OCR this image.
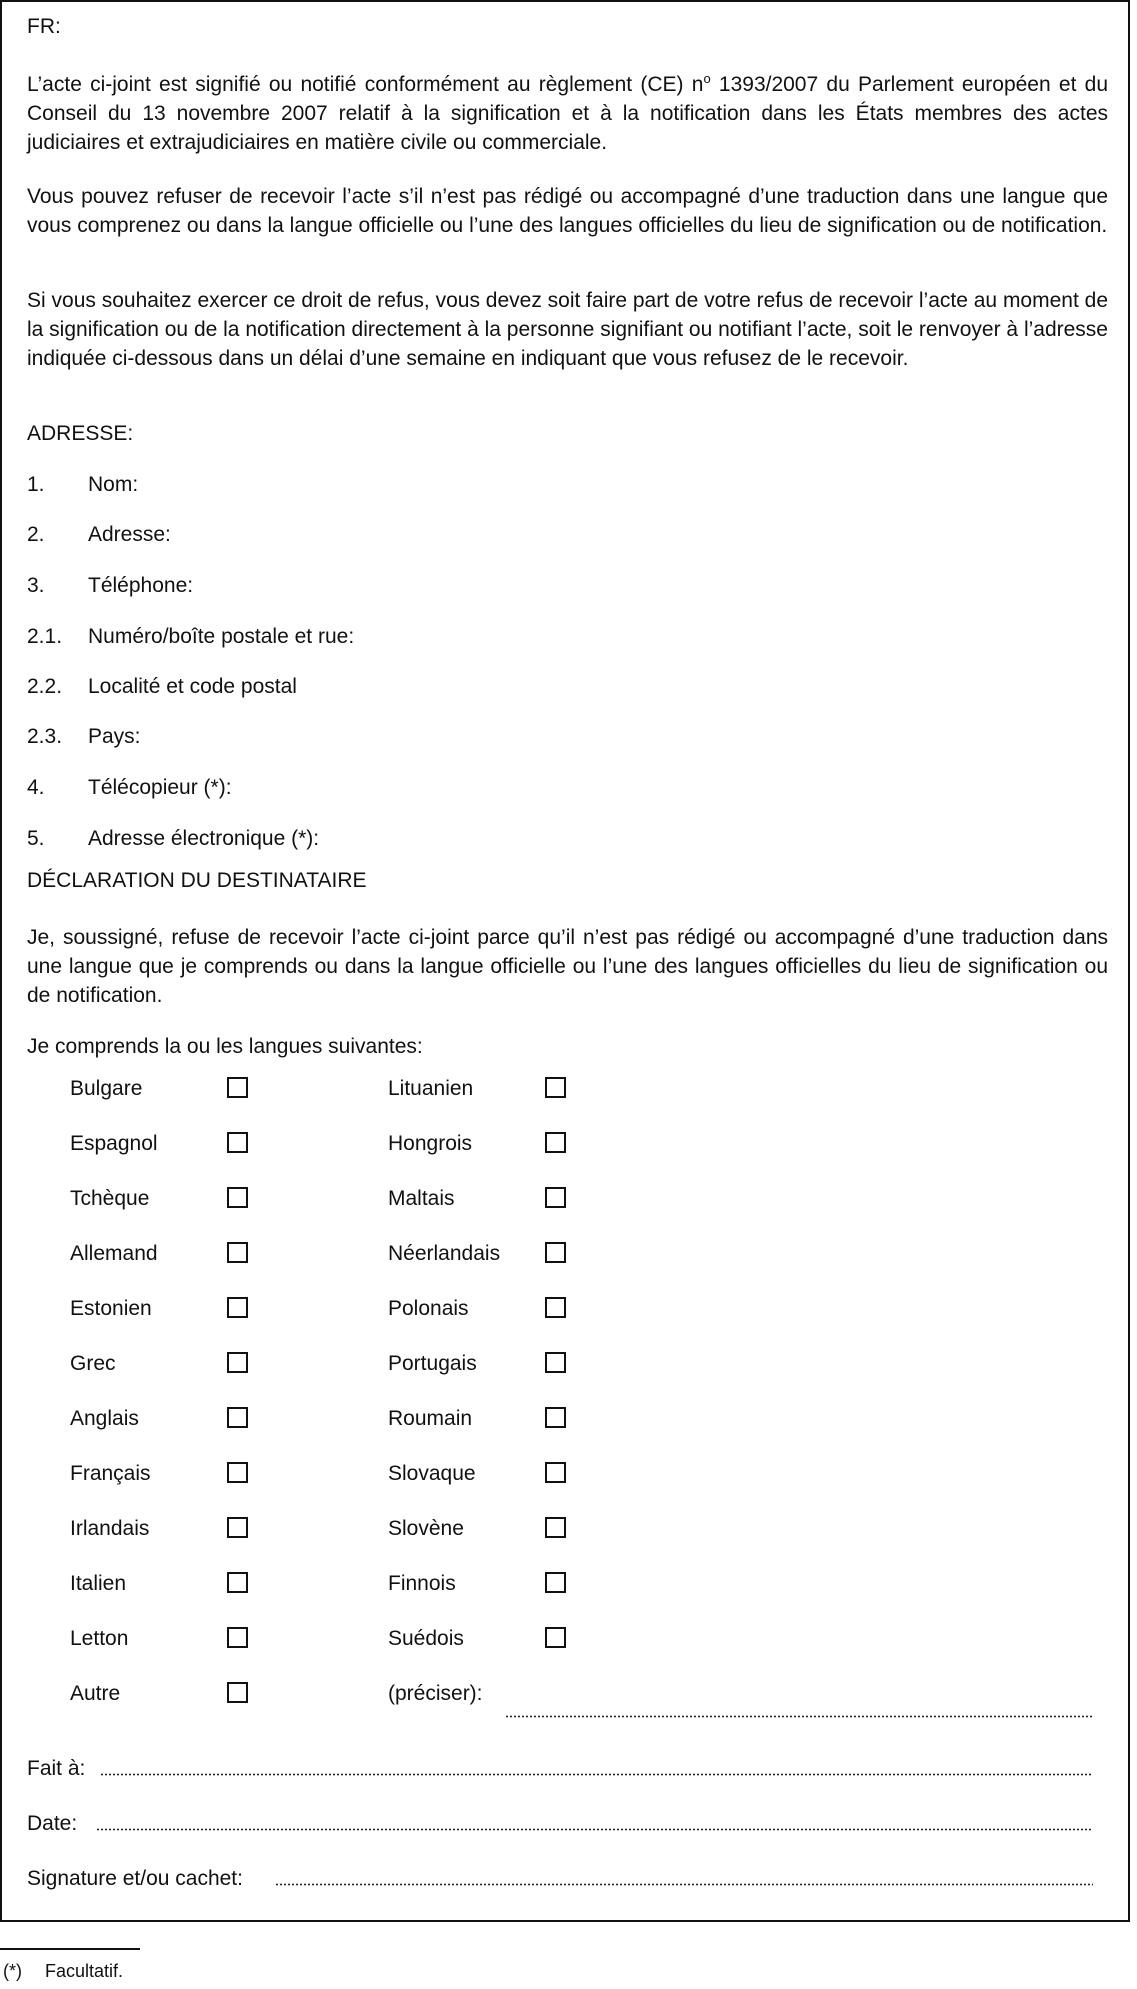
FR:

L’acte ci-joint est signifié ou notifié conformément au règlement (CE) $n^o$ 1393/2007 du Parlement européen et du Conseil du 13 novembre 2007 relatif à la signification et à la notification dans les États membres des actes judiciaires et extrajudiciaires en matière civile ou commerciale.

Vous pouvez refuser de recevoir l’acte s’il n’est pas rédigé ou accompagné d’une traduction dans une langue que vous comprenez ou dans la langue officielle ou l’une des langues officielles du lieu de signification ou de notification.

Si vous souhaitez exercer ce droit de refus, vous devez soit faire part de votre refus de recevoir l’acte au moment de la signification ou de la notification directement à la personne signifiant ou notifiant l’acte, soit le renvoyer à l’adresse indiquée ci-dessous dans un délai d’une semaine en indiquant que vous refusez de le recevoir.

ADRESSE:
1. Nom:
2. Adresse:
3. Téléphone:
2.1. Numéro/boîte postale et rue:
2.2. Localité et code postal
2.3. Pays:
4. Télécopieur (*):
5. Adresse électronique (*):
DÉCLARATION DU DESTINATAIRE

Je, soussigné, refuse de recevoir l’acte ci-joint parce qu’il n’est pas rédigé ou accompagné d’une traduction dans une langue que je comprends ou dans la langue officielle ou l’une des langues officielles du lieu de signification ou de notification.

Je comprends la ou les langues suivantes:
Bulgare
Espagnol
Tchèque
Allemand
Estonien
Grec
Anglais
Français
Irlandais
Italien
Letton
Autre
Lituanien
Hongrois
Maltais
Néerlandais
Polonais
Portugais
Roumain
Slovaque
Slovène
Finnois
Suédois
(préciser):
Fait à:
Date:
Signature et/ou cachet:
(*) Facultatif.
